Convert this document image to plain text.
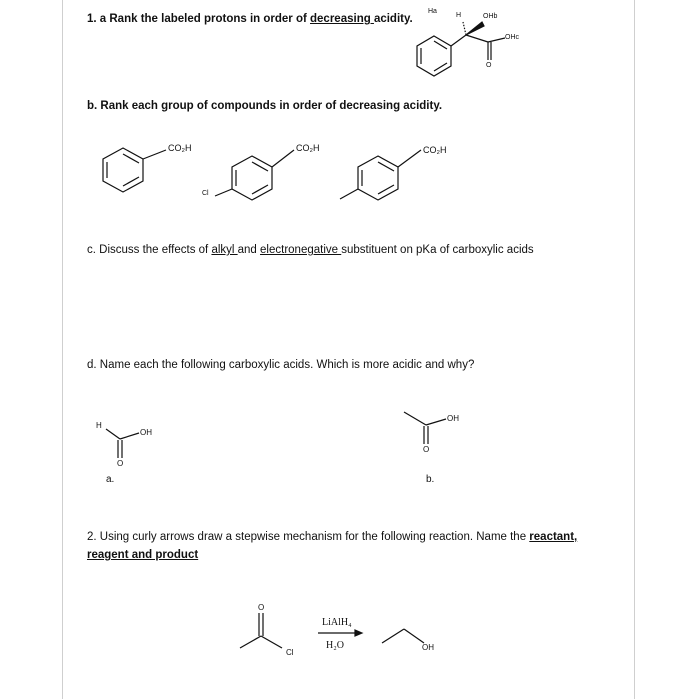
1. a Rank the labeled protons in order of decreasing acidity.
b. Rank each group of compounds in order of decreasing acidity.
c. Discuss the effects of alkyl and electronegative substituent on pKa of carboxylic acids
d. Name each the following carboxylic acids. Which is more acidic and why?
2. Using curly arrows draw a stepwise mechanism for the following reaction. Name the reactant,
reagent and product
Ha
H	OHb
OHc
O
CO₂H	CO₂H	CO₂H
Cl
H
OH
O
a.
OH
O
b.
O
Cl
LiAlH₄
H₂O	OH
